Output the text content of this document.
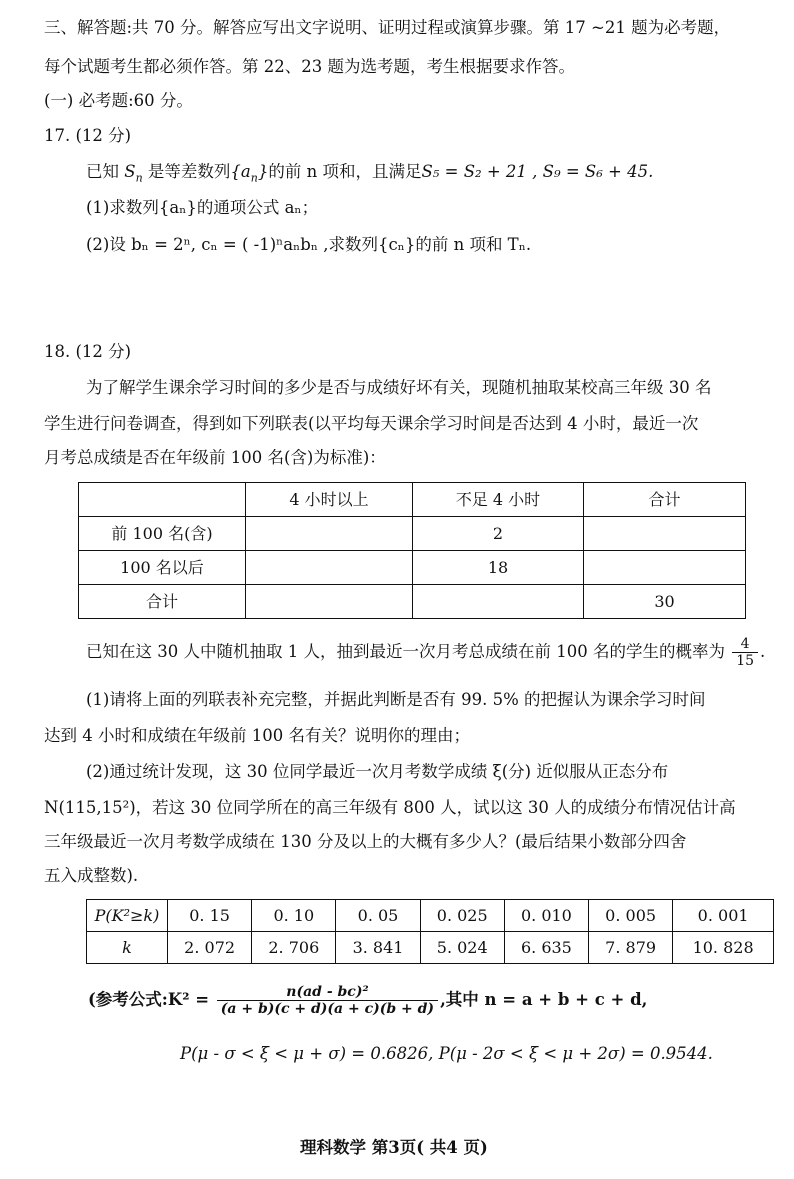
三、解答题:共 70 分。解答应写出文字说明、证明过程或演算步骤。第 17 ~21 题为必考题，
每个试题考生都必须作答。第 22、23 题为选考题，考生根据要求作答。
(一) 必考题:60 分。
17. (12 分)
已知 $S_n$ 是等差数列$\{a_n\}$的前 n 项和，且满足S₅ = S₂ + 21 , S₉ = S₆ + 45.
(1)求数列{aₙ}的通项公式 aₙ；
(2)设 bₙ = 2ⁿ, cₙ = ( -1)ⁿaₙbₙ ,求数列{cₙ}的前 n 项和 Tₙ.
18. (12 分)
为了解学生课余学习时间的多少是否与成绩好坏有关，现随机抽取某校高三年级 30 名
学生进行问卷调查，得到如下列联表(以平均每天课余学习时间是否达到 4 小时，最近一次
月考总成绩是否在年级前 100 名(含)为标准)：
	4 小时以上	不足 4 小时	合计
前 100 名(含)		2	
100 名以后		18	
合计			30
已知在这 30 人中随机抽取 1 人，抽到最近一次月考总成绩在前 100 名的学生的概率为 $\frac{4}{15}$ .
(1)请将上面的列联表补充完整，并据此判断是否有 99. 5% 的把握认为课余学习时间
达到 4 小时和成绩在年级前 100 名有关？说明你的理由；
(2)通过统计发现，这 30 位同学最近一次月考数学成绩 ξ(分) 近似服从正态分布
N(115,15²)，若这 30 位同学所在的高三年级有 800 人，试以这 30 人的成绩分布情况估计高
三年级最近一次月考数学成绩在 130 分及以上的大概有多少人？(最后结果小数部分四舍
五入成整数).
P(K²≥k)	0. 15	0. 10	0. 05	0. 025	0. 010	0. 005	0. 001
k	2. 072	2. 706	3. 841	5. 024	6. 635	7. 879	10. 828
(参考公式:K² = $\frac{\text{n(ad - bc)²}}{(a + b)(c + d)(a + c)(b + d)}$ ,其中 n = a + b + c + d,
P(μ - σ < ξ < μ + σ) = 0.6826, P(μ - 2σ < ξ < μ + 2σ) = 0.9544.
理科数学 第3页( 共4 页)
